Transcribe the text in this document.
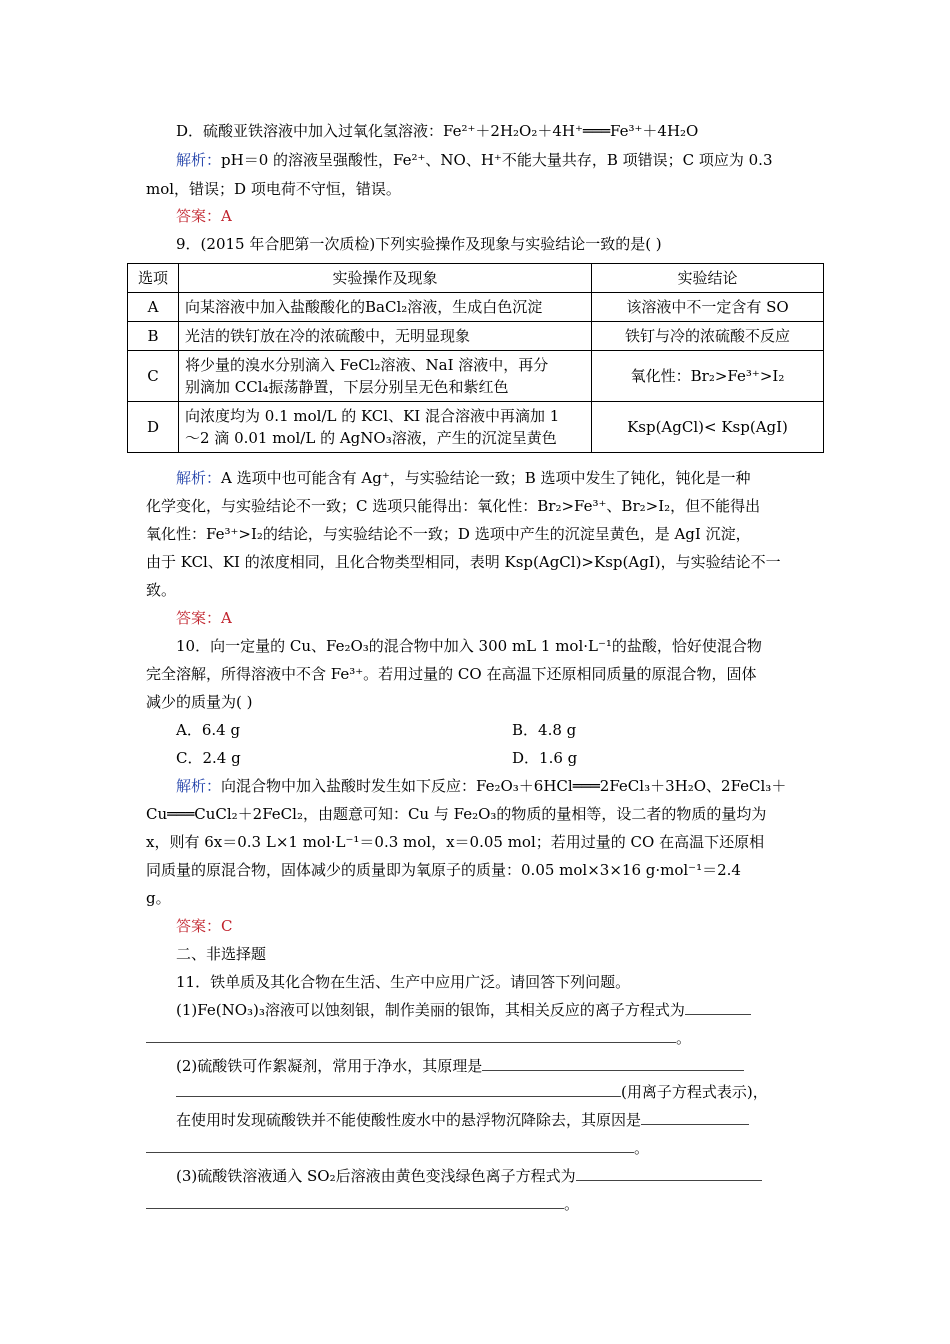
D．硫酸亚铁溶液中加入过氧化氢溶液：Fe²⁺＋2H₂O₂＋4H⁺═══Fe³⁺＋4H₂O
解析：pH＝0 的溶液呈强酸性，Fe²⁺、NO、H⁺不能大量共存，B 项错误；C 项应为 0.3
mol，错误；D 项电荷不守恒，错误。
答案：A
9．(2015 年合肥第一次质检)下列实验操作及现象与实验结论一致的是( )
选项	实验操作及现象	实验结论
A	向某溶液中加入盐酸酸化的BaCl₂溶液，生成白色沉淀	该溶液中不一定含有 SO
B	光洁的铁钉放在冷的浓硫酸中，无明显现象	铁钉与冷的浓硫酸不反应
C	将少量的溴水分别滴入 FeCl₂溶液、NaI 溶液中，再分
别滴加 CCl₄振荡静置，下层分别呈无色和紫红色	氧化性：Br₂>Fe³⁺>I₂
D	向浓度均为 0.1 mol/L 的 KCl、KI 混合溶液中再滴加 1
～2 滴 0.01 mol/L 的 AgNO₃溶液，产生的沉淀呈黄色	Ksp(AgCl)< Ksp(AgI)
解析：A 选项中也可能含有 Ag⁺，与实验结论一致；B 选项中发生了钝化，钝化是一种
化学变化，与实验结论不一致；C 选项只能得出：氧化性：Br₂>Fe³⁺、Br₂>I₂，但不能得出
氧化性：Fe³⁺>I₂的结论，与实验结论不一致；D 选项中产生的沉淀呈黄色，是 AgI 沉淀，
由于 KCl、KI 的浓度相同，且化合物类型相同，表明 Ksp(AgCl)>Ksp(AgI)，与实验结论不一
致。
答案：A
10．向一定量的 Cu、Fe₂O₃的混合物中加入 300 mL 1 mol·L⁻¹的盐酸，恰好使混合物
完全溶解，所得溶液中不含 Fe³⁺。若用过量的 CO 在高温下还原相同质量的原混合物，固体
减少的质量为( )
A．6.4 g	B．4.8 g
C．2.4 g	D．1.6 g
解析：向混合物中加入盐酸时发生如下反应：Fe₂O₃＋6HCl═══2FeCl₃＋3H₂O、2FeCl₃＋
Cu═══CuCl₂＋2FeCl₂，由题意可知：Cu 与 Fe₂O₃的物质的量相等，设二者的物质的量均为
x，则有 6x＝0.3 L×1 mol·L⁻¹＝0.3 mol，x＝0.05 mol；若用过量的 CO 在高温下还原相
同质量的原混合物，固体减少的质量即为氧原子的质量：0.05 mol×3×16 g·mol⁻¹＝2.4
g。
答案：C
二、非选择题
11．铁单质及其化合物在生活、生产中应用广泛。请回答下列问题。
(1)Fe(NO₃)₃溶液可以蚀刻银，制作美丽的银饰，其相关反应的离子方程式为
。
(2)硫酸铁可作絮凝剂，常用于净水，其原理是
(用离子方程式表示)，
在使用时发现硫酸铁并不能使酸性废水中的悬浮物沉降除去，其原因是
。
(3)硫酸铁溶液通入 SO₂后溶液由黄色变浅绿色离子方程式为
。
